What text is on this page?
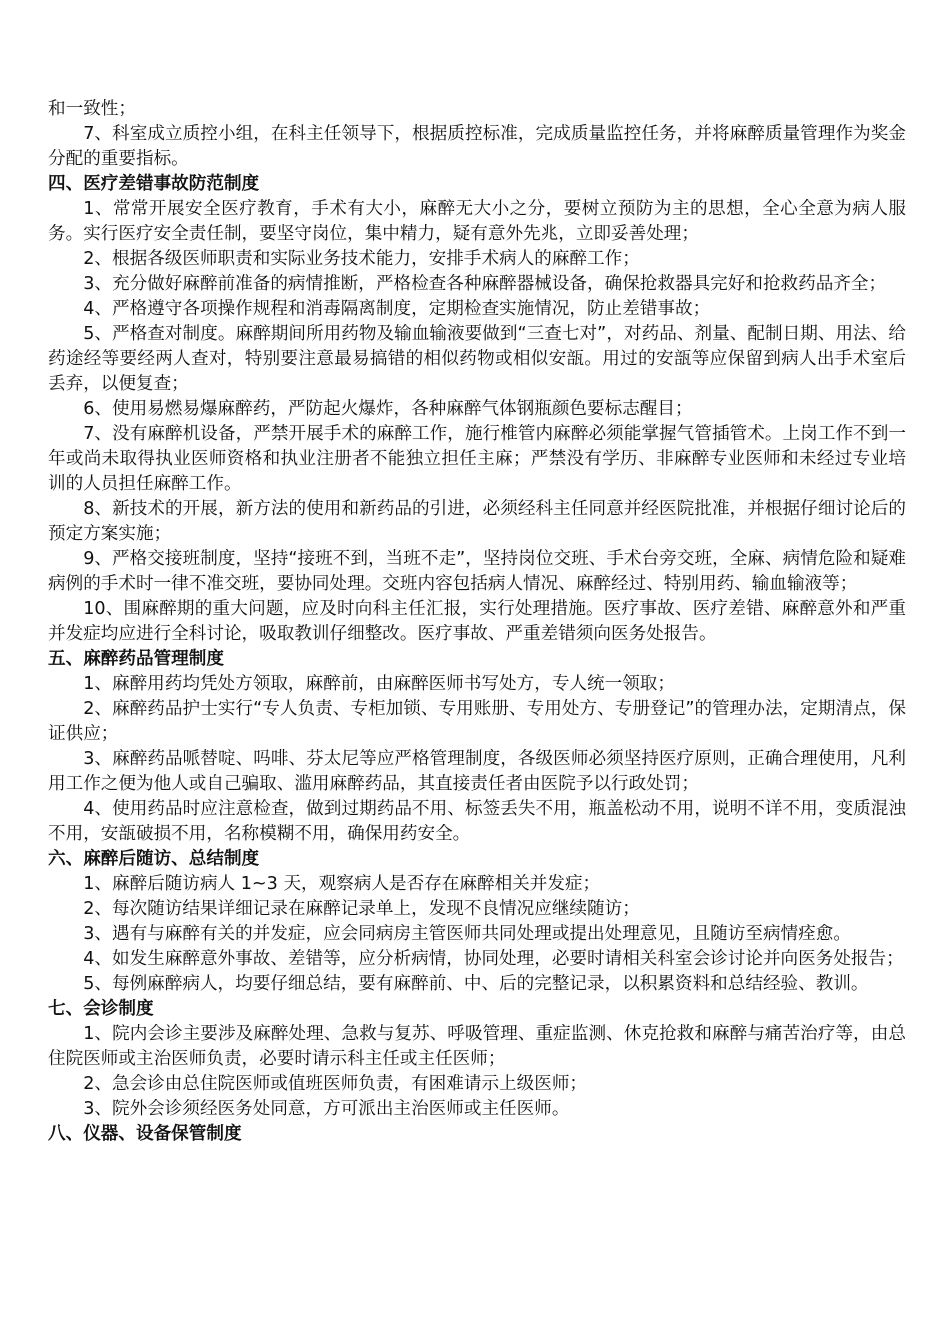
和一致性；

7、科室成立质控小组，在科主任领导下，根据质控标准，完成质量监控任务，并将麻醉质量管理作为奖金分配的重要指标。

四、医疗差错事故防范制度

1、常常开展安全医疗教育，手术有大小，麻醉无大小之分，要树立预防为主的思想，全心全意为病人服务。实行医疗安全责任制，要坚守岗位，集中精力，疑有意外先兆，立即妥善处理；

2、根据各级医师职责和实际业务技术能力，安排手术病人的麻醉工作；

3、充分做好麻醉前准备的病情推断，严格检查各种麻醉器械设备，确保抢救器具完好和抢救药品齐全；

4、严格遵守各项操作规程和消毒隔离制度，定期检查实施情况，防止差错事故；

5、严格查对制度。麻醉期间所用药物及输血输液要做到“三查七对”，对药品、剂量、配制日期、用法、给药途经等要经两人查对，特别要注意最易搞错的相似药物或相似安瓿。用过的安瓿等应保留到病人出手术室后丢弃，以便复查；

6、使用易燃易爆麻醉药，严防起火爆炸，各种麻醉气体钢瓶颜色要标志醒目；

7、没有麻醉机设备，严禁开展手术的麻醉工作，施行椎管内麻醉必须能掌握气管插管术。上岗工作不到一年或尚未取得执业医师资格和执业注册者不能独立担任主麻；严禁没有学历、非麻醉专业医师和未经过专业培训的人员担任麻醉工作。

8、新技术的开展，新方法的使用和新药品的引进，必须经科主任同意并经医院批准，并根据仔细讨论后的预定方案实施；

9、严格交接班制度，坚持“接班不到，当班不走”，坚持岗位交班、手术台旁交班，全麻、病情危险和疑难病例的手术时一律不准交班，要协同处理。交班内容包括病人情况、麻醉经过、特别用药、输血输液等；

10、围麻醉期的重大问题，应及时向科主任汇报，实行处理措施。医疗事故、医疗差错、麻醉意外和严重并发症均应进行全科讨论，吸取教训仔细整改。医疗事故、严重差错须向医务处报告。

五、麻醉药品管理制度

1、麻醉用药均凭处方领取，麻醉前，由麻醉医师书写处方，专人统一领取；

2、麻醉药品护士实行“专人负责、专柜加锁、专用账册、专用处方、专册登记”的管理办法，定期清点，保证供应；

3、麻醉药品哌替啶、吗啡、芬太尼等应严格管理制度，各级医师必须坚持医疗原则，正确合理使用，凡利用工作之便为他人或自己骗取、滥用麻醉药品，其直接责任者由医院予以行政处罚；

4、使用药品时应注意检查，做到过期药品不用、标签丢失不用，瓶盖松动不用，说明不详不用，变质混浊不用，安瓿破损不用，名称模糊不用，确保用药安全。

六、麻醉后随访、总结制度

1、麻醉后随访病人 1~3 天，观察病人是否存在麻醉相关并发症；

2、每次随访结果详细记录在麻醉记录单上，发现不良情况应继续随访；

3、遇有与麻醉有关的并发症，应会同病房主管医师共同处理或提出处理意见，且随访至病情痊愈。

4、如发生麻醉意外事故、差错等，应分析病情，协同处理，必要时请相关科室会诊讨论并向医务处报告；

5、每例麻醉病人，均要仔细总结，要有麻醉前、中、后的完整记录，以积累资料和总结经验、教训。

七、会诊制度

1、院内会诊主要涉及麻醉处理、急救与复苏、呼吸管理、重症监测、休克抢救和麻醉与痛苦治疗等，由总住院医师或主治医师负责，必要时请示科主任或主任医师；

2、急会诊由总住院医师或值班医师负责，有困难请示上级医师；

3、院外会诊须经医务处同意，方可派出主治医师或主任医师。

八、仪器、设备保管制度
